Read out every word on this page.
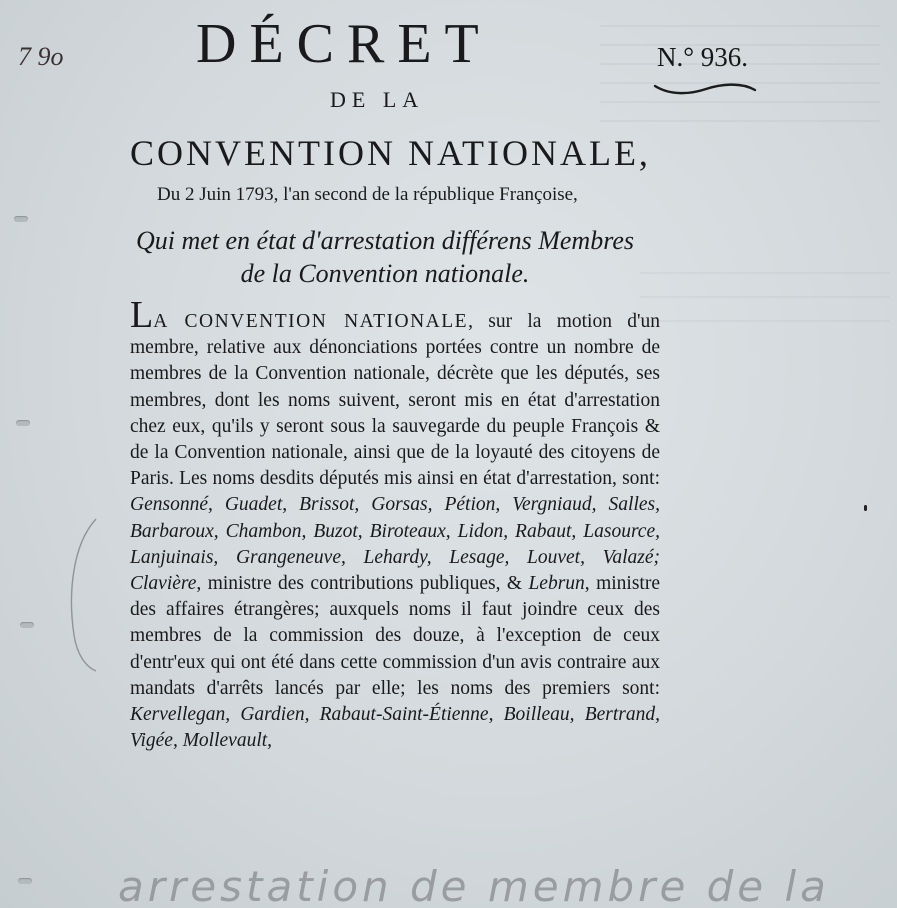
7 9o DÉCRET	N.° 936.
DE LA
CONVENTION NATIONALE,
Du 2 Juin 1793, l'an second de la république Françoise,
Qui met en état d'arrestation différens Membres
de la Convention nationale.
LA CONVENTION NATIONALE, sur la motion d'un membre, relative aux dénonciations portées contre un nombre de membres de la Convention nationale, décrète que les députés, ses membres, dont les noms suivent, seront mis en état d'arrestation chez eux, qu'ils y seront sous la sauvegarde du peuple François & de la Convention nationale, ainsi que de la loyauté des citoyens de Paris. Les noms desdits députés mis ainsi en état d'arrestation, sont: Gensonné, Guadet, Brissot, Gorsas, Pétion, Vergniaud, Salles, Barbaroux, Chambon, Buzot, Biroteaux, Lidon, Rabaut, Lasource, Lanjuinais, Grangeneuve, Lehardy, Lesage, Louvet, Valazé; Clavière, ministre des contributions publiques, & Lebrun, ministre des affaires étrangères; auxquels noms il faut joindre ceux des membres de la commission des douze, à l'exception de ceux d'entr'eux qui ont été dans cette commission d'un avis contraire aux mandats d'arrêts lancés par elle; les noms des premiers sont: Kervellegan, Gardien, Rabaut-Saint-Étienne, Boilleau, Bertrand, Vigée, Mollevault,
arrestation de membre de la
